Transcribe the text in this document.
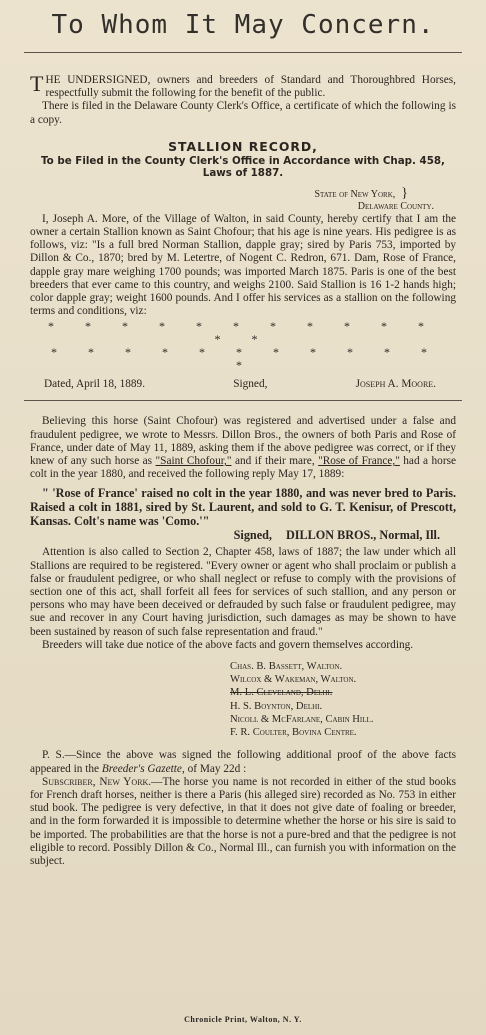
To Whom It May Concern.

THE UNDERSIGNED, owners and breeders of Standard and Thoroughbred Horses, respectfully submit the following for the benefit of the public.

There is filed in the Delaware County Clerk's Office, a certificate of which the following is a copy.

STALLION RECORD,
To be Filed in the County Clerk's Office in Accordance with Chap. 458, Laws of 1887.
State of New York, }
Delaware County.

I, Joseph A. More, of the Village of Walton, in said County, hereby certify that I am the owner a certain Stallion known as Saint Chofour; that his age is nine years. His pedigree is as follows, viz: "Is a full bred Norman Stallion, dapple gray; sired by Paris 753, imported by Dillon & Co., 1870; bred by M. Letertre, of Nogent C. Redron, 671. Dam, Rose of France, dapple gray mare weighing 1700 pounds; was imported March 1875. Paris is one of the best breeders that ever came to this country, and weighs 2100. Said Stallion is 16 1-2 hands high; color dapple gray; weight 1600 pounds. And I offer his services as a stallion on the following terms and conditions, viz:

* * * * * * * * * * * * *
* * * * * * * * * * * *
Dated, April 18, 1889.	Signed,	Joseph A. Moore.

Believing this horse (Saint Chofour) was registered and advertised under a false and fraudulent pedigree, we wrote to Messrs. Dillon Bros., the owners of both Paris and Rose of France, under date of May 11, 1889, asking them if the above pedigree was correct, or if they knew of any such horse as "Saint Chofour," and if their mare, "Rose of France," had a horse colt in the year 1880, and received the following reply May 17, 1889:

" 'Rose of France' raised no colt in the year 1880, and was never bred to Paris. Raised a colt in 1881, sired by St. Laurent, and sold to G. T. Kenisur, of Prescott, Kansas. Colt's name was 'Como.'"
Signed, DILLON BROS., Normal, Ill.

Attention is also called to Section 2, Chapter 458, laws of 1887; the law under which all Stallions are required to be registered. "Every owner or agent who shall proclaim or publish a false or fraudulent pedigree, or who shall neglect or refuse to comply with the provisions of section one of this act, shall forfeit all fees for services of such stallion, and any person or persons who may have been deceived or defrauded by such false or fraudulent pedigree, may sue and recover in any Court having jurisdiction, such damages as may be shown to have been sustained by reason of such false representation and fraud."

Breeders will take due notice of the above facts and govern themselves according.

Chas. B. Bassett, Walton.
Wilcox & Wakeman, Walton.
M. L. Cleveland, Delhi.
H. S. Boynton, Delhi.
Nicoll & McFarlane, Cabin Hill.
F. R. Coulter, Bovina Centre.

P. S.—Since the above was signed the following additional proof of the above facts appeared in the Breeder's Gazette, of May 22d :

Subscriber, New York.—The horse you name is not recorded in either of the stud books for French draft horses, neither is there a Paris (his alleged sire) recorded as No. 753 in either stud book. The pedigree is very defective, in that it does not give date of foaling or breeder, and in the form forwarded it is impossible to determine whether the horse or his sire is said to be imported. The probabilities are that the horse is not a pure-bred and that the pedigree is not eligible to record. Possibly Dillon & Co., Normal Ill., can furnish you with information on the subject.

Chronicle Print, Walton, N. Y.
